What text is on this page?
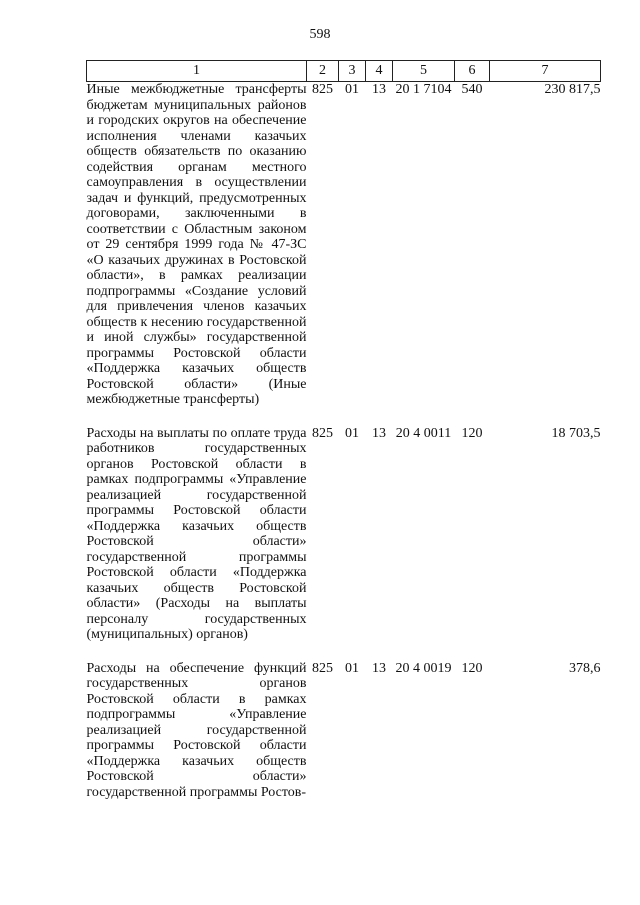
598
1	2	3	4	5	6	7
Иные межбюджетные трансферты бюджетам муниципальных районов и городских округов на обеспечение исполнения членами казачьих обществ обязательств по оказанию содействия органам местного самоуправления в осуществлении задач и функций, предусмотренных договорами, заключенными в соответствии с Областным законом от 29 сентября 1999 года № 47-ЗС «О казачьих дружинах в Ростовской области», в рамках реализации подпрограммы «Создание условий для привлечения членов казачьих обществ к несению государственной и иной службы» государственной программы Ростовской области «Поддержка казачьих обществ Ростовской области» (Иные межбюджетные трансферты)	825	01	13	20 1 7104	540	230 817,5

Расходы на выплаты по оплате труда работников государственных органов Ростовской области в рамках подпрограммы «Управление реализацией государственной программы Ростовской области «Поддержка казачьих обществ Ростовской области» государственной программы Ростовской области «Поддержка казачьих обществ Ростовской области» (Расходы на выплаты персоналу государственных (муниципальных) органов)	825	01	13	20 4 0011	120	18 703,5

Расходы на обеспечение функций государственных органов Ростовской области в рамках подпрограммы «Управление реализацией государственной программы Ростовской области «Поддержка казачьих обществ Ростовской области» государственной программы Ростов-	825	01	13	20 4 0019	120	378,6
